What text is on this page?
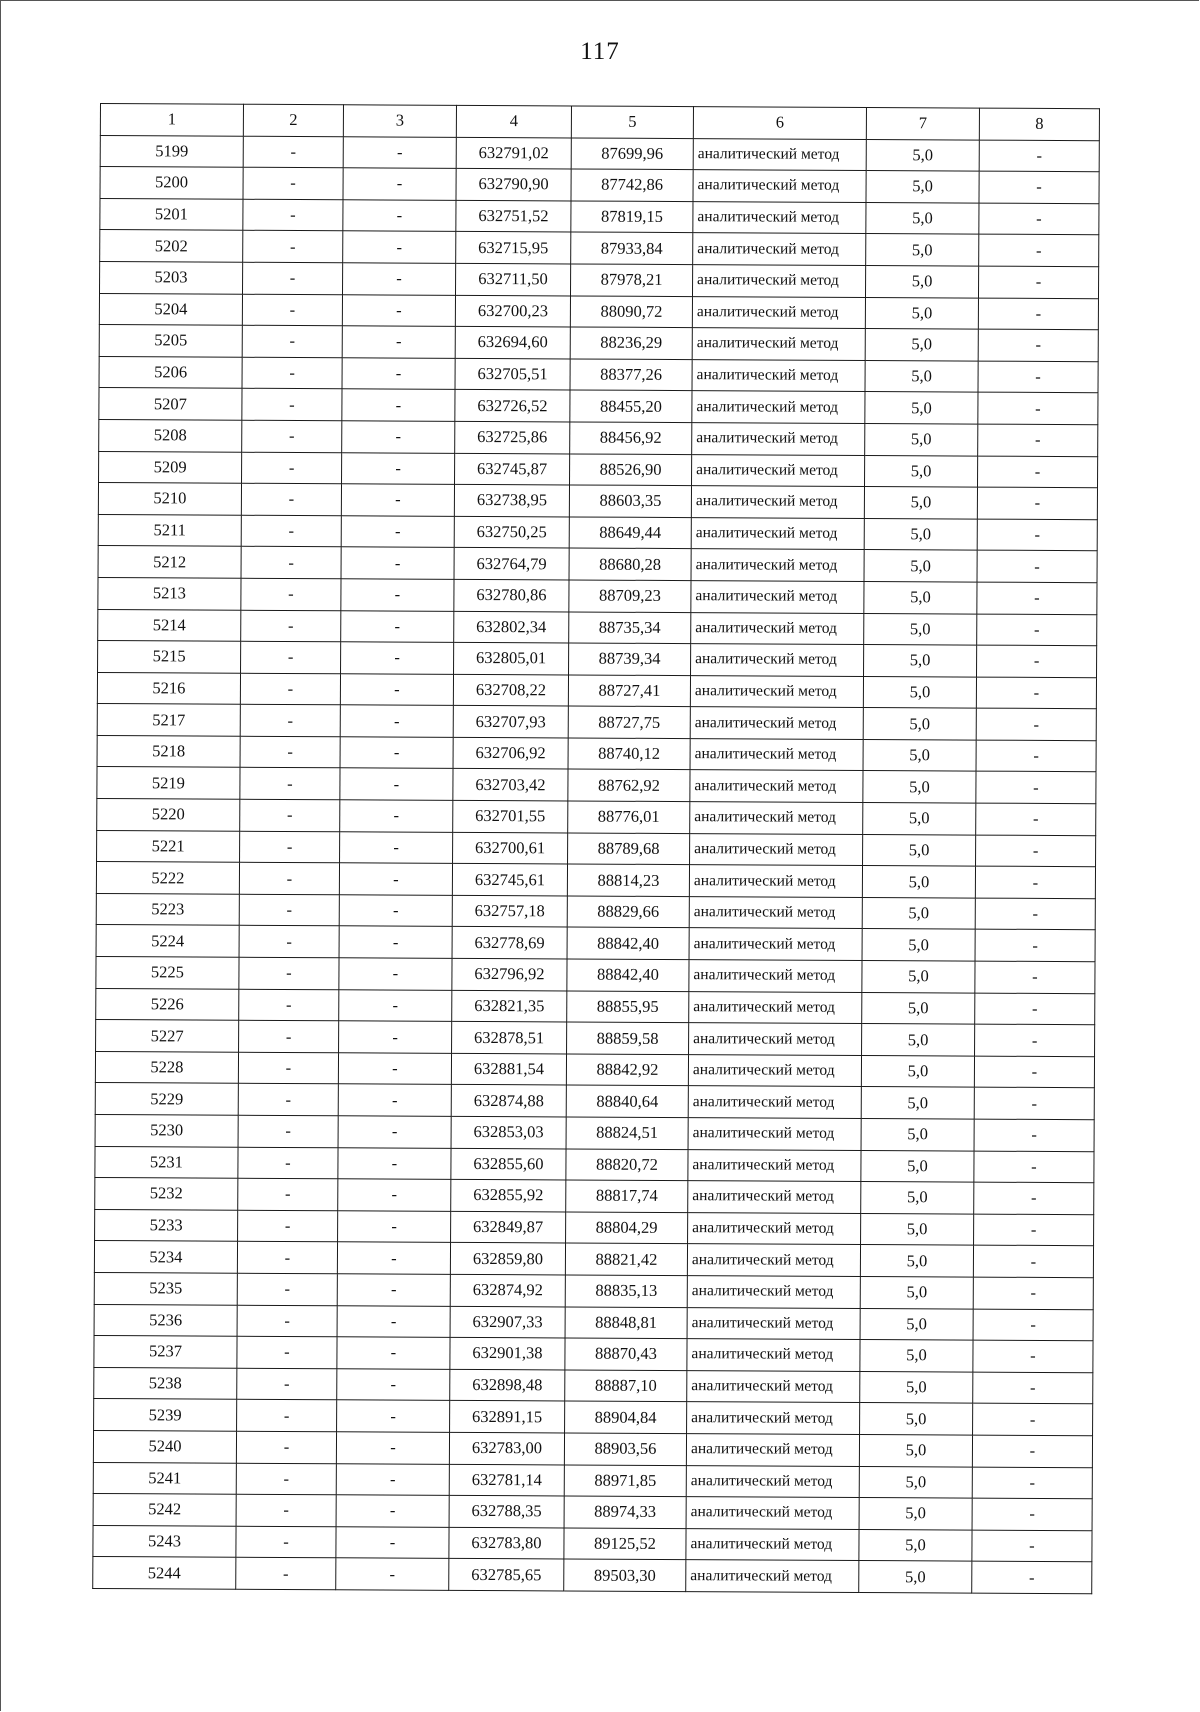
117
1	2	3	4	5	6	7	8
5199	-	-	632791,02	87699,96	аналитический метод	5,0	-
5200	-	-	632790,90	87742,86	аналитический метод	5,0	-
5201	-	-	632751,52	87819,15	аналитический метод	5,0	-
5202	-	-	632715,95	87933,84	аналитический метод	5,0	-
5203	-	-	632711,50	87978,21	аналитический метод	5,0	-
5204	-	-	632700,23	88090,72	аналитический метод	5,0	-
5205	-	-	632694,60	88236,29	аналитический метод	5,0	-
5206	-	-	632705,51	88377,26	аналитический метод	5,0	-
5207	-	-	632726,52	88455,20	аналитический метод	5,0	-
5208	-	-	632725,86	88456,92	аналитический метод	5,0	-
5209	-	-	632745,87	88526,90	аналитический метод	5,0	-
5210	-	-	632738,95	88603,35	аналитический метод	5,0	-
5211	-	-	632750,25	88649,44	аналитический метод	5,0	-
5212	-	-	632764,79	88680,28	аналитический метод	5,0	-
5213	-	-	632780,86	88709,23	аналитический метод	5,0	-
5214	-	-	632802,34	88735,34	аналитический метод	5,0	-
5215	-	-	632805,01	88739,34	аналитический метод	5,0	-
5216	-	-	632708,22	88727,41	аналитический метод	5,0	-
5217	-	-	632707,93	88727,75	аналитический метод	5,0	-
5218	-	-	632706,92	88740,12	аналитический метод	5,0	-
5219	-	-	632703,42	88762,92	аналитический метод	5,0	-
5220	-	-	632701,55	88776,01	аналитический метод	5,0	-
5221	-	-	632700,61	88789,68	аналитический метод	5,0	-
5222	-	-	632745,61	88814,23	аналитический метод	5,0	-
5223	-	-	632757,18	88829,66	аналитический метод	5,0	-
5224	-	-	632778,69	88842,40	аналитический метод	5,0	-
5225	-	-	632796,92	88842,40	аналитический метод	5,0	-
5226	-	-	632821,35	88855,95	аналитический метод	5,0	-
5227	-	-	632878,51	88859,58	аналитический метод	5,0	-
5228	-	-	632881,54	88842,92	аналитический метод	5,0	-
5229	-	-	632874,88	88840,64	аналитический метод	5,0	-
5230	-	-	632853,03	88824,51	аналитический метод	5,0	-
5231	-	-	632855,60	88820,72	аналитический метод	5,0	-
5232	-	-	632855,92	88817,74	аналитический метод	5,0	-
5233	-	-	632849,87	88804,29	аналитический метод	5,0	-
5234	-	-	632859,80	88821,42	аналитический метод	5,0	-
5235	-	-	632874,92	88835,13	аналитический метод	5,0	-
5236	-	-	632907,33	88848,81	аналитический метод	5,0	-
5237	-	-	632901,38	88870,43	аналитический метод	5,0	-
5238	-	-	632898,48	88887,10	аналитический метод	5,0	-
5239	-	-	632891,15	88904,84	аналитический метод	5,0	-
5240	-	-	632783,00	88903,56	аналитический метод	5,0	-
5241	-	-	632781,14	88971,85	аналитический метод	5,0	-
5242	-	-	632788,35	88974,33	аналитический метод	5,0	-
5243	-	-	632783,80	89125,52	аналитический метод	5,0	-
5244	-	-	632785,65	89503,30	аналитический метод	5,0	-
